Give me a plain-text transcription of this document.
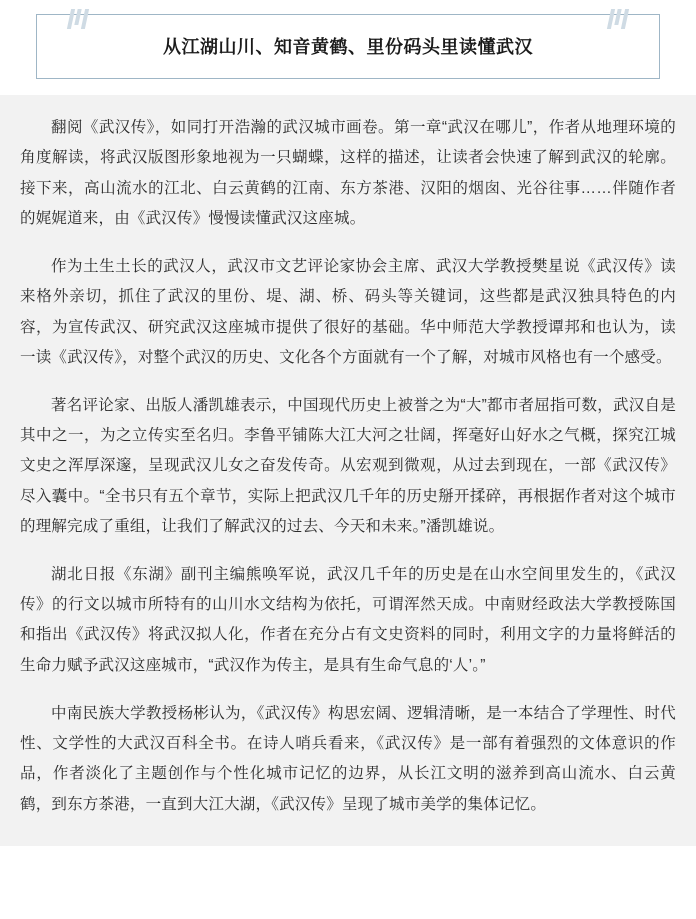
从江湖山川、知音黄鹤、里份码头里读懂武汉

翻阅《武汉传》，如同打开浩瀚的武汉城市画卷。第一章“武汉在哪儿”，作者从地理环境的角度解读，将武汉版图形象地视为一只蝴蝶，这样的描述，让读者会快速了解到武汉的轮廓。接下来，高山流水的江北、白云黄鹤的江南、东方茶港、汉阳的烟囱、光谷往事……伴随作者的娓娓道来，由《武汉传》慢慢读懂武汉这座城。

作为土生土长的武汉人，武汉市文艺评论家协会主席、武汉大学教授樊星说《武汉传》读来格外亲切，抓住了武汉的里份、堤、湖、桥、码头等关键词，这些都是武汉独具特色的内容，为宣传武汉、研究武汉这座城市提供了很好的基础。华中师范大学教授谭邦和也认为，读一读《武汉传》，对整个武汉的历史、文化各个方面就有一个了解，对城市风格也有一个感受。

著名评论家、出版人潘凯雄表示，中国现代历史上被誉之为“大”都市者屈指可数，武汉自是其中之一，为之立传实至名归。李鲁平铺陈大江大河之壮阔，挥毫好山好水之气概，探究江城文史之浑厚深邃，呈现武汉儿女之奋发传奇。从宏观到微观，从过去到现在，一部《武汉传》尽入囊中。“全书只有五个章节，实际上把武汉几千年的历史掰开揉碎，再根据作者对这个城市的理解完成了重组，让我们了解武汉的过去、今天和未来。”潘凯雄说。

湖北日报《东湖》副刊主编熊唤军说，武汉几千年的历史是在山水空间里发生的，《武汉传》的行文以城市所特有的山川水文结构为依托，可谓浑然天成。中南财经政法大学教授陈国和指出《武汉传》将武汉拟人化，作者在充分占有文史资料的同时，利用文字的力量将鲜活的生命力赋予武汉这座城市，“武汉作为传主，是具有生命气息的‘人’。”

中南民族大学教授杨彬认为，《武汉传》构思宏阔、逻辑清晰，是一本结合了学理性、时代性、文学性的大武汉百科全书。在诗人哨兵看来，《武汉传》是一部有着强烈的文体意识的作品，作者淡化了主题创作与个性化城市记忆的边界，从长江文明的滋养到高山流水、白云黄鹤，到东方茶港，一直到大江大湖，《武汉传》呈现了城市美学的集体记忆。
